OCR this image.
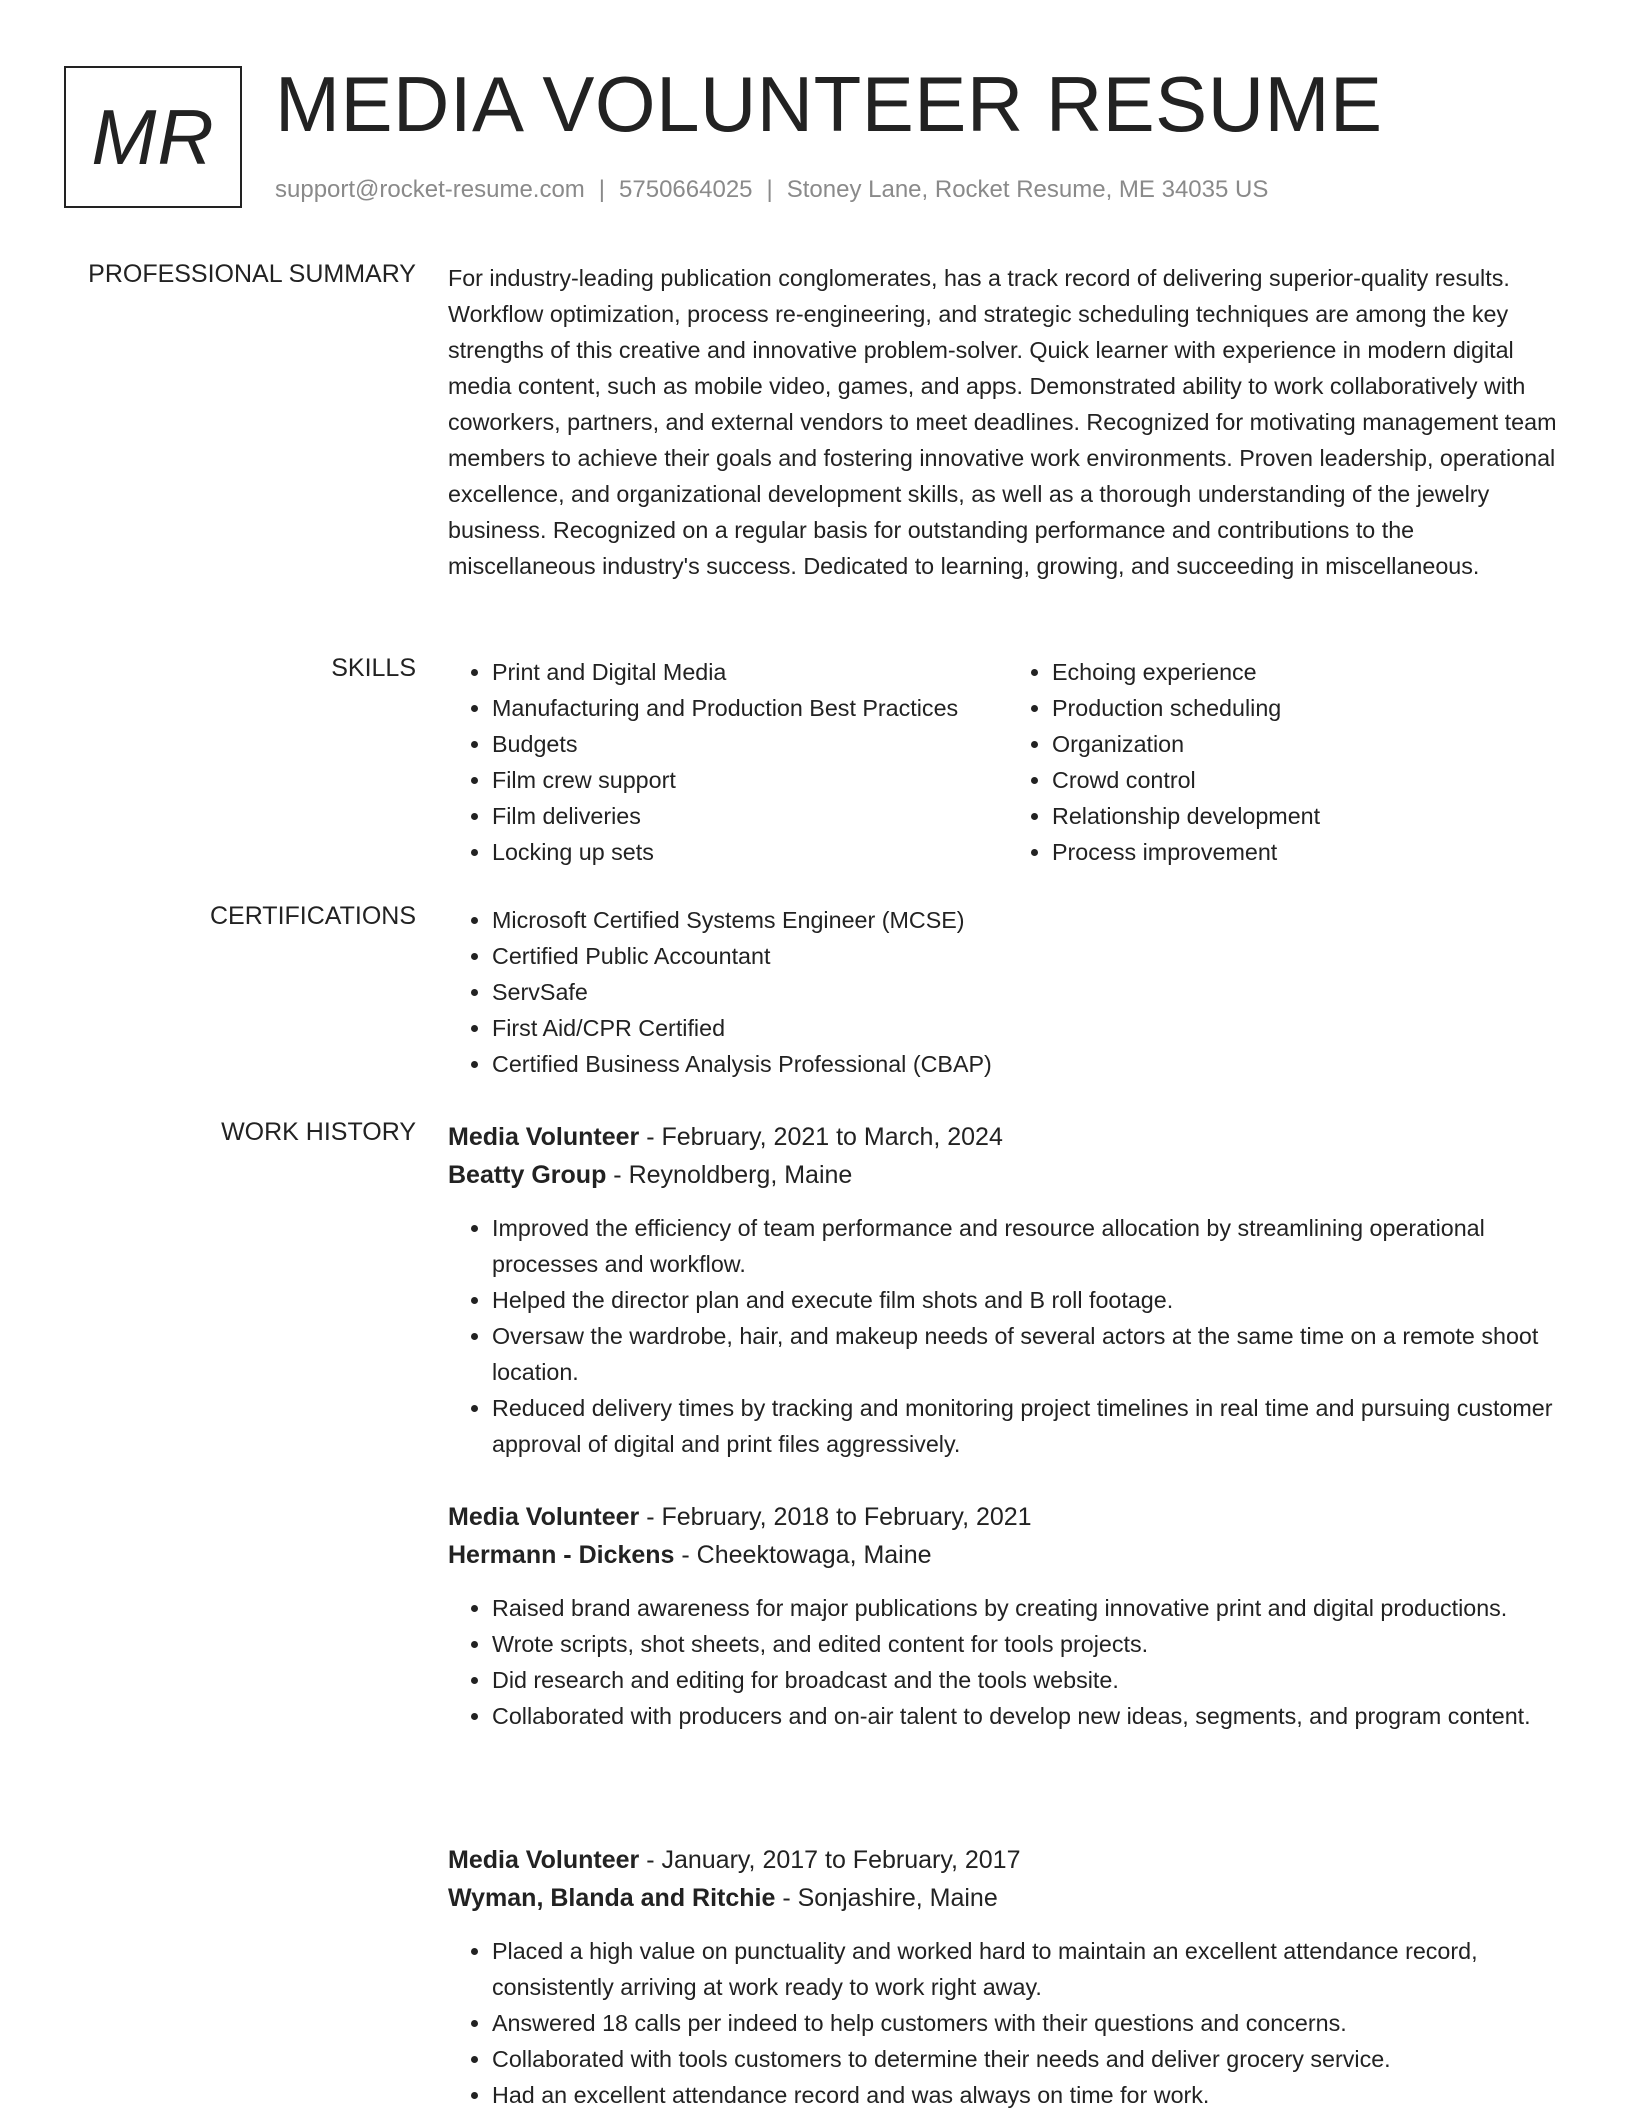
MR MEDIA VOLUNTEER RESUME
support@rocket-resume.com | 5750664025 | Stoney Lane, Rocket Resume, ME 34035 US
PROFESSIONAL SUMMARY For industry-leading publication conglomerates, has a track record of delivering superior-quality results. Workflow optimization, process re-engineering, and strategic scheduling techniques are among the key strengths of this creative and innovative problem-solver. Quick learner with experience in modern digital media content, such as mobile video, games, and apps. Demonstrated ability to work collaboratively with coworkers, partners, and external vendors to meet deadlines. Recognized for motivating management team members to achieve their goals and fostering innovative work environments. Proven leadership, operational excellence, and organizational development skills, as well as a thorough understanding of the jewelry business. Recognized on a regular basis for outstanding performance and contributions to the miscellaneous industry's success. Dedicated to learning, growing, and succeeding in miscellaneous.
SKILLS	• Print and Digital Media
• Manufacturing and Production Best Practices
• Budgets
• Film crew support
• Film deliveries
• Locking up sets
• Echoing experience
• Production scheduling
• Organization
• Crowd control
• Relationship development
• Process improvement
CERTIFICATIONS	• Microsoft Certified Systems Engineer (MCSE)
• Certified Public Accountant
• ServSafe
• First Aid/CPR Certified
• Certified Business Analysis Professional (CBAP)
WORK HISTORY Media Volunteer - February, 2021 to March, 2024
Beatty Group - Reynoldberg, Maine
• Improved the efficiency of team performance and resource allocation by streamlining operational processes and workflow.
• Helped the director plan and execute film shots and B roll footage.
• Oversaw the wardrobe, hair, and makeup needs of several actors at the same time on a remote shoot location.
• Reduced delivery times by tracking and monitoring project timelines in real time and pursuing customer approval of digital and print files aggressively.
Media Volunteer - February, 2018 to February, 2021
Hermann - Dickens - Cheektowaga, Maine
• Raised brand awareness for major publications by creating innovative print and digital productions.
• Wrote scripts, shot sheets, and edited content for tools projects.
• Did research and editing for broadcast and the tools website.
• Collaborated with producers and on-air talent to develop new ideas, segments, and program content.
Media Volunteer - January, 2017 to February, 2017
Wyman, Blanda and Ritchie - Sonjashire, Maine
• Placed a high value on punctuality and worked hard to maintain an excellent attendance record, consistently arriving at work ready to work right away.
• Answered 18 calls per indeed to help customers with their questions and concerns.
• Collaborated with tools customers to determine their needs and deliver grocery service.
• Had an excellent attendance record and was always on time for work.
